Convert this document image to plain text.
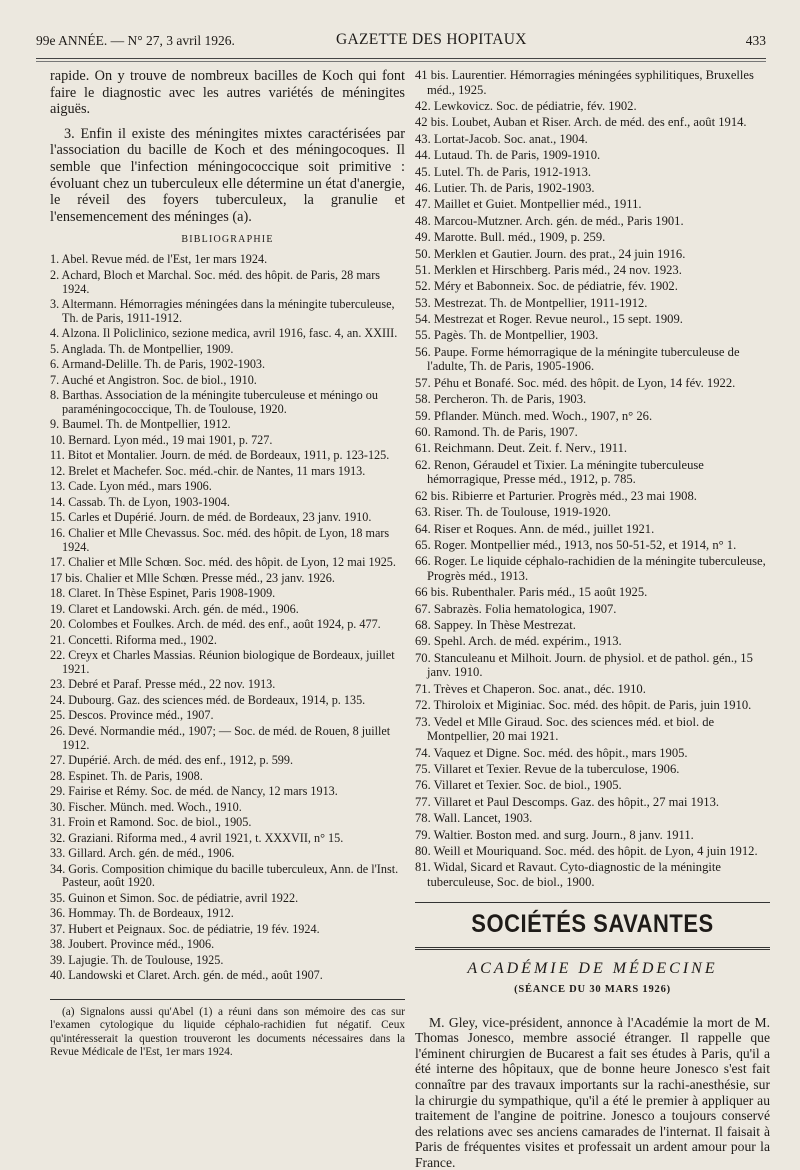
99e ANNÉE. — N° 27, 3 avril 1926.	GAZETTE DES HOPITAUX	433

rapide. On y trouve de nombreux bacilles de Koch qui font faire le diagnostic avec les autres variétés de méningites aiguës.

3. Enfin il existe des méningites mixtes caractérisées par l'association du bacille de Koch et des méningocoques. Il semble que l'infection méningococcique soit primitive : évoluant chez un tuberculeux elle détermine un état d'anergie, le réveil des foyers tuberculeux, la granulie et l'ensemencement des méninges (a).

BIBLIOGRAPHIE

1. Abel. Revue méd. de l'Est, 1er mars 1924.

2. Achard, Bloch et Marchal. Soc. méd. des hôpit. de Paris, 28 mars 1924.

3. Altermann. Hémorragies méningées dans la méningite tuberculeuse, Th. de Paris, 1911-1912.

4. Alzona. Il Policlinico, sezione medica, avril 1916, fasc. 4, an. XXIII.

5. Anglada. Th. de Montpellier, 1909.

6. Armand-Delille. Th. de Paris, 1902-1903.

7. Auché et Angistron. Soc. de biol., 1910.

8. Barthas. Association de la méningite tuberculeuse et méningo ou paraméningococcique, Th. de Toulouse, 1920.

9. Baumel. Th. de Montpellier, 1912.

10. Bernard. Lyon méd., 19 mai 1901, p. 727.

11. Bitot et Montalier. Journ. de méd. de Bordeaux, 1911, p. 123-125.

12. Brelet et Machefer. Soc. méd.-chir. de Nantes, 11 mars 1913.

13. Cade. Lyon méd., mars 1906.

14. Cassab. Th. de Lyon, 1903-1904.

15. Carles et Dupérié. Journ. de méd. de Bordeaux, 23 janv. 1910.

16. Chalier et Mlle Chevassus. Soc. méd. des hôpit. de Lyon, 18 mars 1924.

17. Chalier et Mlle Schœn. Soc. méd. des hôpit. de Lyon, 12 mai 1925.

17 bis. Chalier et Mlle Schœn. Presse méd., 23 janv. 1926.

18. Claret. In Thèse Espinet, Paris 1908-1909.

19. Claret et Landowski. Arch. gén. de méd., 1906.

20. Colombes et Foulkes. Arch. de méd. des enf., août 1924, p. 477.

21. Concetti. Riforma med., 1902.

22. Creyx et Charles Massias. Réunion biologique de Bordeaux, juillet 1921.

23. Debré et Paraf. Presse méd., 22 nov. 1913.

24. Dubourg. Gaz. des sciences méd. de Bordeaux, 1914, p. 135.

25. Descos. Province méd., 1907.

26. Devé. Normandie méd., 1907; — Soc. de méd. de Rouen, 8 juillet 1912.

27. Dupérié. Arch. de méd. des enf., 1912, p. 599.

28. Espinet. Th. de Paris, 1908.

29. Fairise et Rémy. Soc. de méd. de Nancy, 12 mars 1913.

30. Fischer. Münch. med. Woch., 1910.

31. Froin et Ramond. Soc. de biol., 1905.

32. Graziani. Riforma med., 4 avril 1921, t. XXXVII, n° 15.

33. Gillard. Arch. gén. de méd., 1906.

34. Goris. Composition chimique du bacille tuberculeux, Ann. de l'Inst. Pasteur, août 1920.

35. Guinon et Simon. Soc. de pédiatrie, avril 1922.

36. Hommay. Th. de Bordeaux, 1912.

37. Hubert et Peignaux. Soc. de pédiatrie, 19 fév. 1924.

38. Joubert. Province méd., 1906.

39. Lajugie. Th. de Toulouse, 1925.

40. Landowski et Claret. Arch. gén. de méd., août 1907.

(a) Signalons aussi qu'Abel (1) a réuni dans son mémoire des cas sur l'examen cytologique du liquide céphalo-rachidien fut négatif. Ceux qu'intéresserait la question trouveront les documents nécessaires dans la Revue Médicale de l'Est, 1er mars 1924.

41 bis. Laurentier. Hémorragies méningées syphilitiques, Bruxelles méd., 1925.

42. Lewkovicz. Soc. de pédiatrie, fév. 1902.

42 bis. Loubet, Auban et Riser. Arch. de méd. des enf., août 1914.

43. Lortat-Jacob. Soc. anat., 1904.

44. Lutaud. Th. de Paris, 1909-1910.

45. Lutel. Th. de Paris, 1912-1913.

46. Lutier. Th. de Paris, 1902-1903.

47. Maillet et Guiet. Montpellier méd., 1911.

48. Marcou-Mutzner. Arch. gén. de méd., Paris 1901.

49. Marotte. Bull. méd., 1909, p. 259.

50. Merklen et Gautier. Journ. des prat., 24 juin 1916.

51. Merklen et Hirschberg. Paris méd., 24 nov. 1923.

52. Méry et Babonneix. Soc. de pédiatrie, fév. 1902.

53. Mestrezat. Th. de Montpellier, 1911-1912.

54. Mestrezat et Roger. Revue neurol., 15 sept. 1909.

55. Pagès. Th. de Montpellier, 1903.

56. Paupe. Forme hémorragique de la méningite tuberculeuse de l'adulte, Th. de Paris, 1905-1906.

57. Péhu et Bonafé. Soc. méd. des hôpit. de Lyon, 14 fév. 1922.

58. Percheron. Th. de Paris, 1903.

59. Pflander. Münch. med. Woch., 1907, n° 26.

60. Ramond. Th. de Paris, 1907.

61. Reichmann. Deut. Zeit. f. Nerv., 1911.

62. Renon, Géraudel et Tixier. La méningite tuberculeuse hémorragique, Presse méd., 1912, p. 785.

62 bis. Ribierre et Parturier. Progrès méd., 23 mai 1908.

63. Riser. Th. de Toulouse, 1919-1920.

64. Riser et Roques. Ann. de méd., juillet 1921.

65. Roger. Montpellier méd., 1913, nos 50-51-52, et 1914, n° 1.

66. Roger. Le liquide céphalo-rachidien de la méningite tuberculeuse, Progrès méd., 1913.

66 bis. Rubenthaler. Paris méd., 15 août 1925.

67. Sabrazès. Folia hematologica, 1907.

68. Sappey. In Thèse Mestrezat.

69. Spehl. Arch. de méd. expérim., 1913.

70. Stanculeanu et Milhoit. Journ. de physiol. et de pathol. gén., 15 janv. 1910.

71. Trèves et Chaperon. Soc. anat., déc. 1910.

72. Thiroloix et Miginiac. Soc. méd. des hôpit. de Paris, juin 1910.

73. Vedel et Mlle Giraud. Soc. des sciences méd. et biol. de Montpellier, 20 mai 1921.

74. Vaquez et Digne. Soc. méd. des hôpit., mars 1905.

75. Villaret et Texier. Revue de la tuberculose, 1906.

76. Villaret et Texier. Soc. de biol., 1905.

77. Villaret et Paul Descomps. Gaz. des hôpit., 27 mai 1913.

78. Wall. Lancet, 1903.

79. Waltier. Boston med. and surg. Journ., 8 janv. 1911.

80. Weill et Mouriquand. Soc. méd. des hôpit. de Lyon, 4 juin 1912.

81. Widal, Sicard et Ravaut. Cyto-diagnostic de la méningite tuberculeuse, Soc. de biol., 1900.

SOCIÉTÉS SAVANTES
ACADÉMIE DE MÉDECINE
(SÉANCE DU 30 MARS 1926)

M. Gley, vice-président, annonce à l'Académie la mort de M. Thomas Jonesco, membre associé étranger. Il rappelle que l'éminent chirurgien de Bucarest a fait ses études à Paris, qu'il a été interne des hôpitaux, que de bonne heure Jonesco s'est fait connaître par des travaux importants sur la rachi-anesthésie, sur la chirurgie du sympathique, qu'il a été le premier à appliquer au traitement de l'angine de poitrine. Jonesco a toujours conservé des relations avec ses anciens camarades de l'internat. Il faisait à Paris de fréquentes visites et professait un ardent amour pour la France.
